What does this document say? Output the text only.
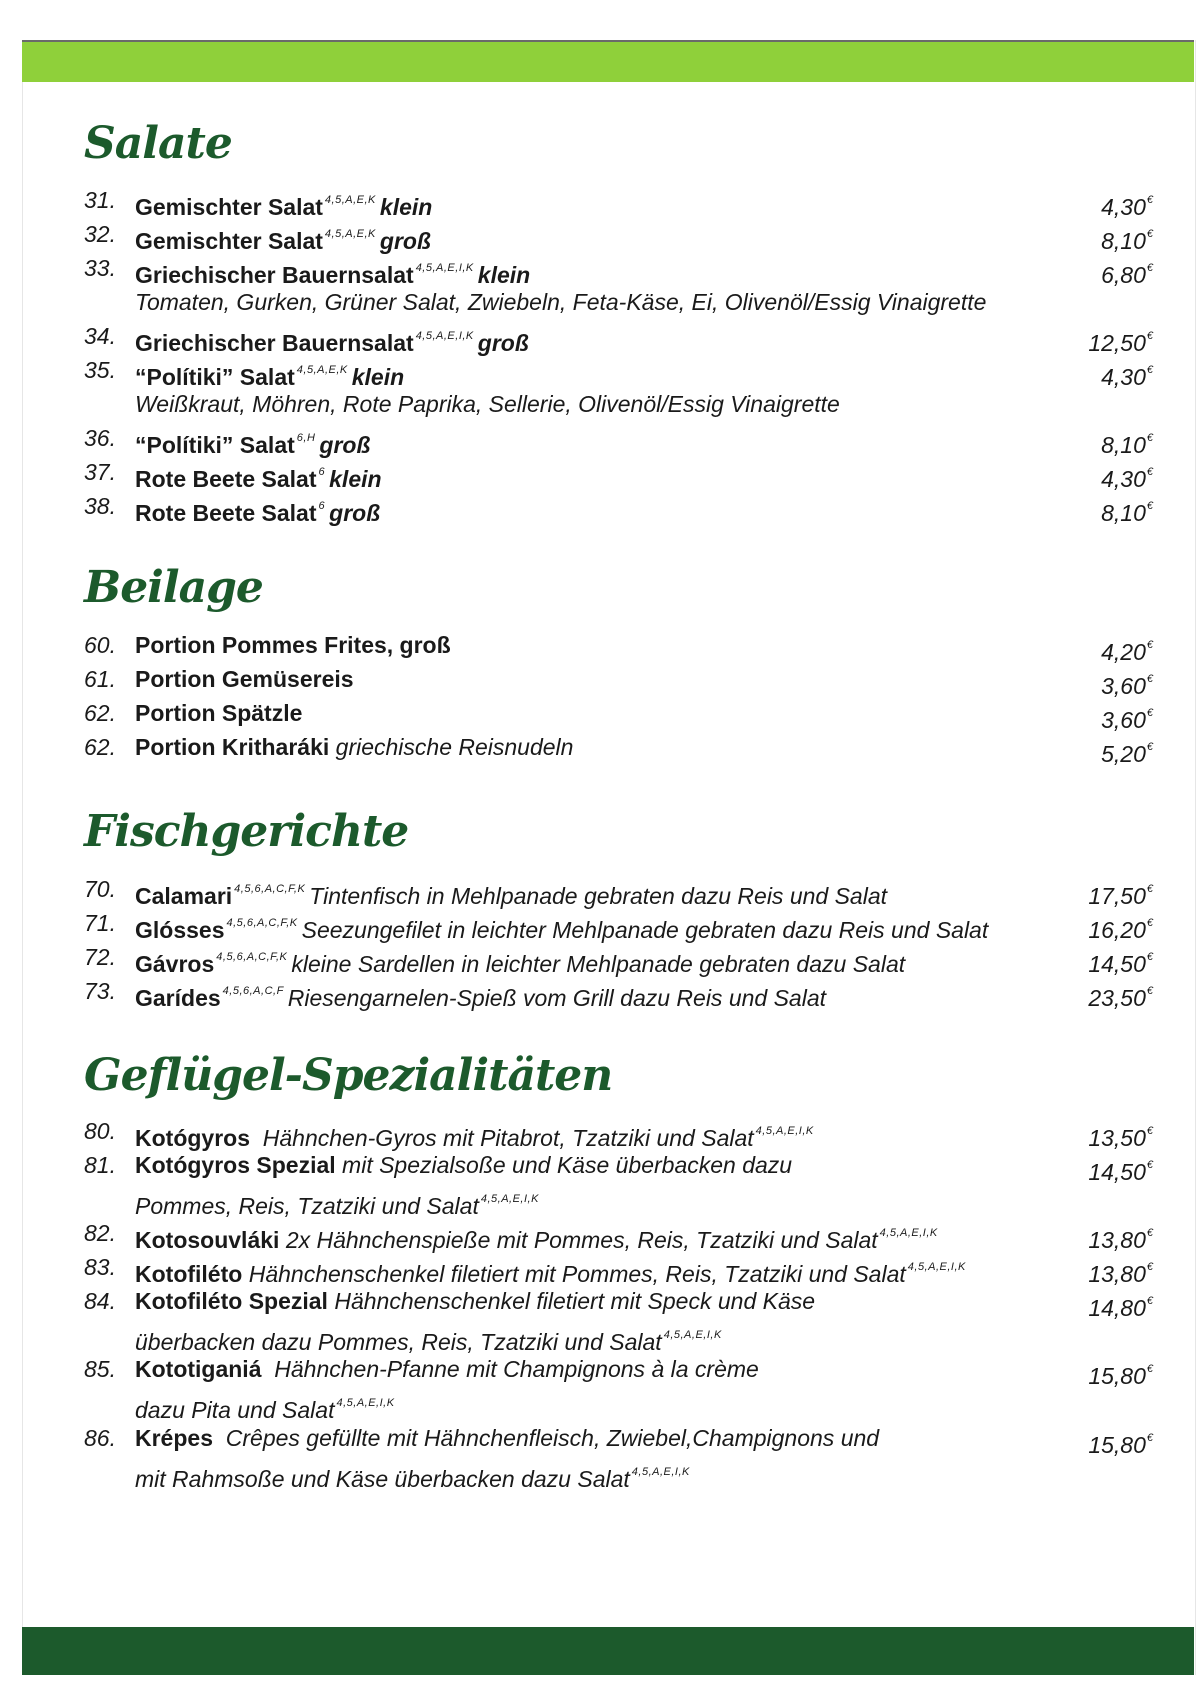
Salate
31. Gemischter Salat $^{4,5,A,E,K}$ klein	4,30€
32. Gemischter Salat $^{4,5,A,E,K}$ groß	8,10€
33. Griechischer Bauernsalat $^{4,5,A,E,I,K}$ klein	6,80€
Tomaten, Gurken, Grüner Salat, Zwiebeln, Feta-Käse, Ei, Olivenöl/Essig Vinaigrette
34. Griechischer Bauernsalat $^{4,5,A,E,I,K}$ groß	12,50€
35. “Polítiki” Salat $^{4,5,A,E,K}$ klein	4,30€
Weißkraut, Möhren, Rote Paprika, Sellerie, Olivenöl/Essig Vinaigrette
36. “Polítiki” Salat $^{6,H}$ groß	8,10€
37. Rote Beete Salat $^6$ klein	4,30€
38. Rote Beete Salat $^6$ groß	8,10€
Beilage
60. Portion Pommes Frites, groß	4,20€
61. Portion Gemüsereis	3,60€
62. Portion Spätzle	3,60€
62. Portion Kritharáki griechische Reisnudeln	5,20€
Fischgerichte
70. Calamari $^{4,5,6,A,C,F,K}$ Tintenfisch in Mehlpanade gebraten dazu Reis und Salat	17,50€
71. Glósses $^{4,5,6,A,C,F,K}$ Seezungefilet in leichter Mehlpanade gebraten dazu Reis und Salat	16,20€
72. Gávros $^{4,5,6,A,C,F,K}$ kleine Sardellen in leichter Mehlpanade gebraten dazu Salat	14,50€
73. Garídes $^{4,5,6,A,C,F}$ Riesengarnelen-Spieß vom Grill dazu Reis und Salat	23,50€
Geflügel-Spezialitäten
80. Kotógyros Hähnchen-Gyros mit Pitabrot, Tzatziki und Salat $^{4,5,A,E,I,K}$	13,50€
81. Kotógyros Spezial mit Spezialsoße und Käse überbacken dazu	14,50€
Pommes, Reis, Tzatziki und Salat $^{4,5,A,E,I,K}$
82. Kotosouvláki 2x Hähnchenspieße mit Pommes, Reis, Tzatziki und Salat $^{4,5,A,E,I,K}$	13,80€
83. Kotofiléto Hähnchenschenkel filetiert mit Pommes, Reis, Tzatziki und Salat $^{4,5,A,E,I,K}$	13,80€
84. Kotofiléto Spezial Hähnchenschenkel filetiert mit Speck und Käse	14,80€
überbacken dazu Pommes, Reis, Tzatziki und Salat $^{4,5,A,E,I,K}$
85. Kototiganiá Hähnchen-Pfanne mit Champignons à la crème	15,80€
dazu Pita und Salat $^{4,5,A,E,I,K}$
86. Krépes Crêpes gefüllte mit Hähnchenfleisch, Zwiebel,Champignons und	15,80€
mit Rahmsoße und Käse überbacken dazu Salat $^{4,5,A,E,I,K}$
